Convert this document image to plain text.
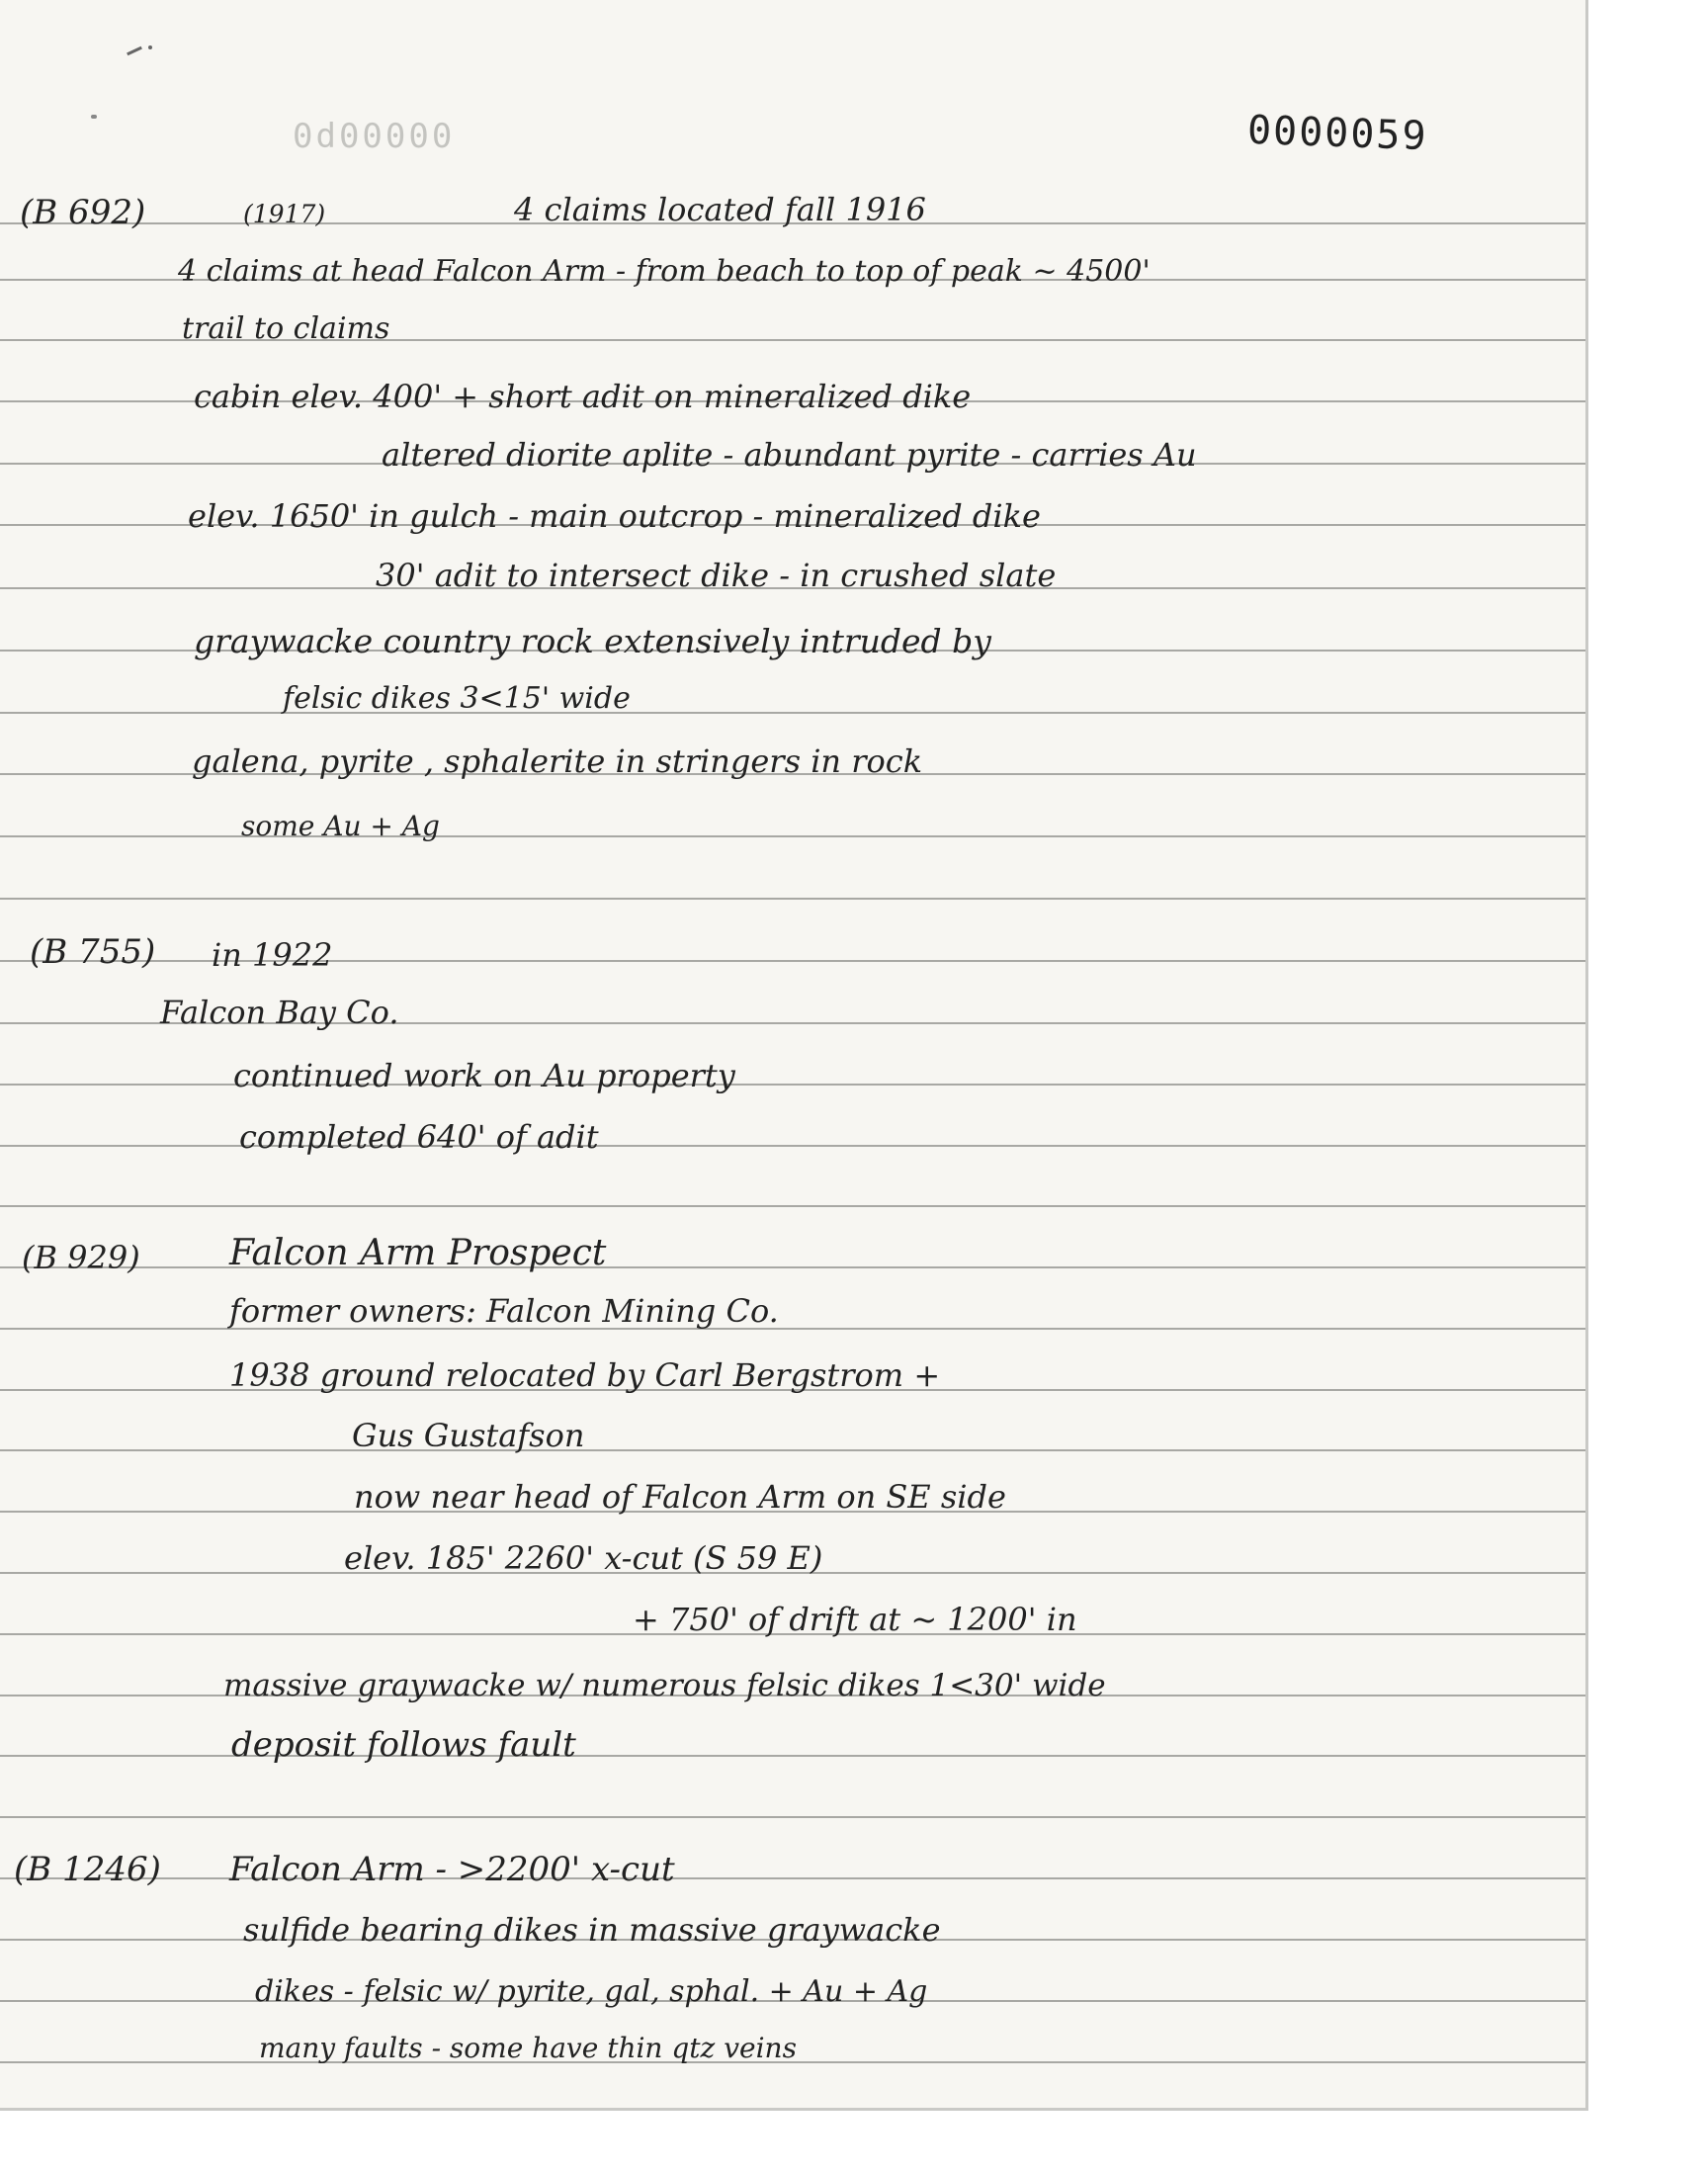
0d00000	0000059
(B 692)	(1917)	4 claims located fall 1916
4 claims at head Falcon Arm - from beach to top of peak ~ 4500'
trail to claims
cabin elev. 400' + short adit on mineralized dike
altered diorite aplite - abundant pyrite - carries Au
elev. 1650' in gulch - main outcrop - mineralized dike
30' adit to intersect dike - in crushed slate
graywacke country rock extensively intruded by
felsic dikes 3<15' wide
galena, pyrite , sphalerite in stringers in rock
some Au + Ag
(B 755) in 1922
Falcon Bay Co.
continued work on Au property
completed 640' of adit
(B 929)	Falcon Arm Prospect
former owners: Falcon Mining Co.
1938 ground relocated by Carl Bergstrom +
Gus Gustafson
now near head of Falcon Arm on SE side
elev. 185' 2260' x-cut (S 59 E)
+ 750' of drift at ~ 1200' in
massive graywacke w/ numerous felsic dikes 1<30' wide
deposit follows fault
(B 1246) Falcon Arm - >2200' x-cut
sulfide bearing dikes in massive graywacke
dikes - felsic w/ pyrite, gal, sphal. + Au + Ag
many faults - some have thin qtz veins
